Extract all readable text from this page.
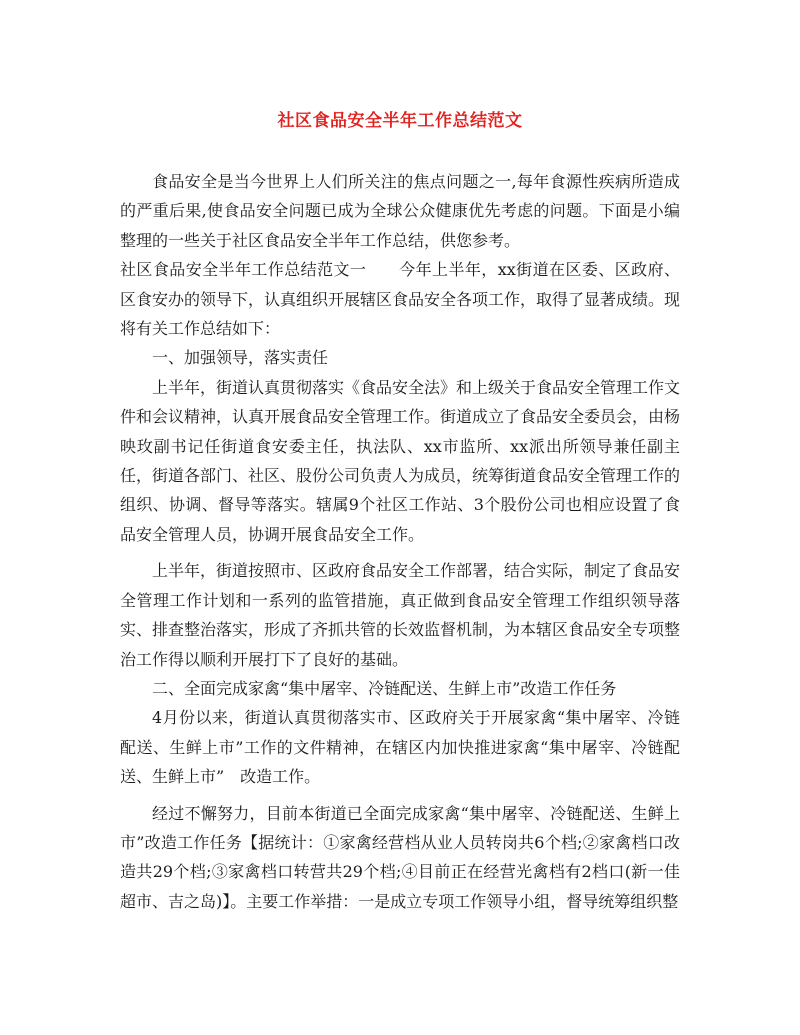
社区食品安全半年工作总结范文

食品安全是当今世界上人们所关注的焦点问题之一,每年食源性疾病所造成的严重后果,使食品安全问题已成为全球公众健康优先考虑的问题。下面是小编整理的一些关于社区食品安全半年工作总结，供您参考。

社区食品安全半年工作总结范文一　　今年上半年，xx街道在区委、区政府、区食安办的领导下，认真组织开展辖区食品安全各项工作，取得了显著成绩。现将有关工作总结如下：

一、加强领导，落实责任

上半年，街道认真贯彻落实《食品安全法》和上级关于食品安全管理工作文件和会议精神，认真开展食品安全管理工作。街道成立了食品安全委员会，由杨映玫副书记任街道食安委主任，执法队、xx市监所、xx派出所领导兼任副主任，街道各部门、社区、股份公司负责人为成员，统筹街道食品安全管理工作的组织、协调、督导等落实。辖属9个社区工作站、3个股份公司也相应设置了食品安全管理人员，协调开展食品安全工作。

上半年，街道按照市、区政府食品安全工作部署，结合实际，制定了食品安全管理工作计划和一系列的监管措施，真正做到食品安全管理工作组织领导落实、排查整治落实，形成了齐抓共管的长效监督机制，为本辖区食品安全专项整治工作得以顺利开展打下了良好的基础。

二、全面完成家禽“集中屠宰、冷链配送、生鲜上市”改造工作任务

4月份以来，街道认真贯彻落实市、区政府关于开展家禽“集中屠宰、冷链配送、生鲜上市”工作的文件精神，在辖区内加快推进家禽“集中屠宰、冷链配送、生鲜上市”　改造工作。

经过不懈努力，目前本街道已全面完成家禽“集中屠宰、冷链配送、生鲜上市”改造工作任务【据统计：①家禽经营档从业人员转岗共6个档;②家禽档口改造共29个档;③家禽档口转营共29个档;④目前正在经营光禽档有2档口(新一佳超市、吉之岛)】。主要工作举措：一是成立专项工作领导小组，督导统筹组织整
